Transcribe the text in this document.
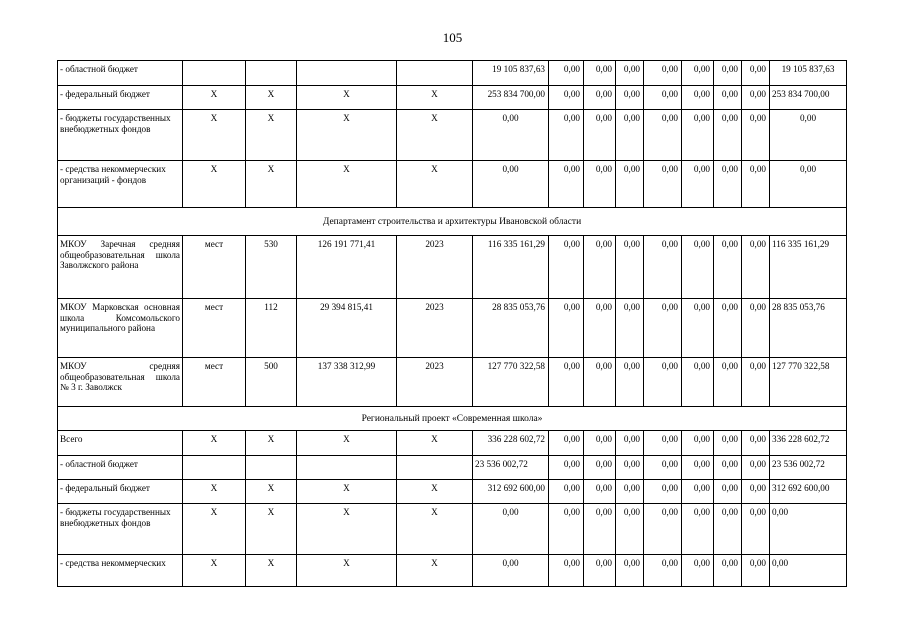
105
- областной бюджет					19 105 837,63	0,00	0,00	0,00	0,00	0,00	0,00	0,00	19 105 837,63
- федеральный бюджет	Х	Х	Х	Х	253 834 700,00	0,00	0,00	0,00	0,00	0,00	0,00	0,00	253 834 700,00
- бюджеты государственных внебюджетных фондов	Х	Х	Х	Х	0,00	0,00	0,00	0,00	0,00	0,00	0,00	0,00	0,00
- средства некоммерческих организаций - фондов	Х	Х	Х	Х	0,00	0,00	0,00	0,00	0,00	0,00	0,00	0,00	0,00
Департамент строительства и архитектуры Ивановской области													
МКОУ Заречная средняя общеобразовательная школа Заволжского района	мест	530	126 191 771,41	2023	116 335 161,29	0,00	0,00	0,00	0,00	0,00	0,00	0,00	116 335 161,29
МКОУ Марковская основная школа Комсомольского муниципального района	мест	112	29 394 815,41	2023	28 835 053,76	0,00	0,00	0,00	0,00	0,00	0,00	0,00	28 835 053,76
МКОУ средняя общеобразовательная школа № 3 г. Заволжск	мест	500	137 338 312,99	2023	127 770 322,58	0,00	0,00	0,00	0,00	0,00	0,00	0,00	127 770 322,58
Региональный проект «Современная школа»													
Всего	Х	Х	Х	Х	336 228 602,72	0,00	0,00	0,00	0,00	0,00	0,00	0,00	336 228 602,72
- областной бюджет					23 536 002,72	0,00	0,00	0,00	0,00	0,00	0,00	0,00	23 536 002,72
- федеральный бюджет	Х	Х	Х	Х	312 692 600,00	0,00	0,00	0,00	0,00	0,00	0,00	0,00	312 692 600,00
- бюджеты государственных внебюджетных фондов	Х	Х	Х	Х	0,00	0,00	0,00	0,00	0,00	0,00	0,00	0,00	0,00
- средства некоммерческих	Х	Х	Х	Х	0,00	0,00	0,00	0,00	0,00	0,00	0,00	0,00	0,00
